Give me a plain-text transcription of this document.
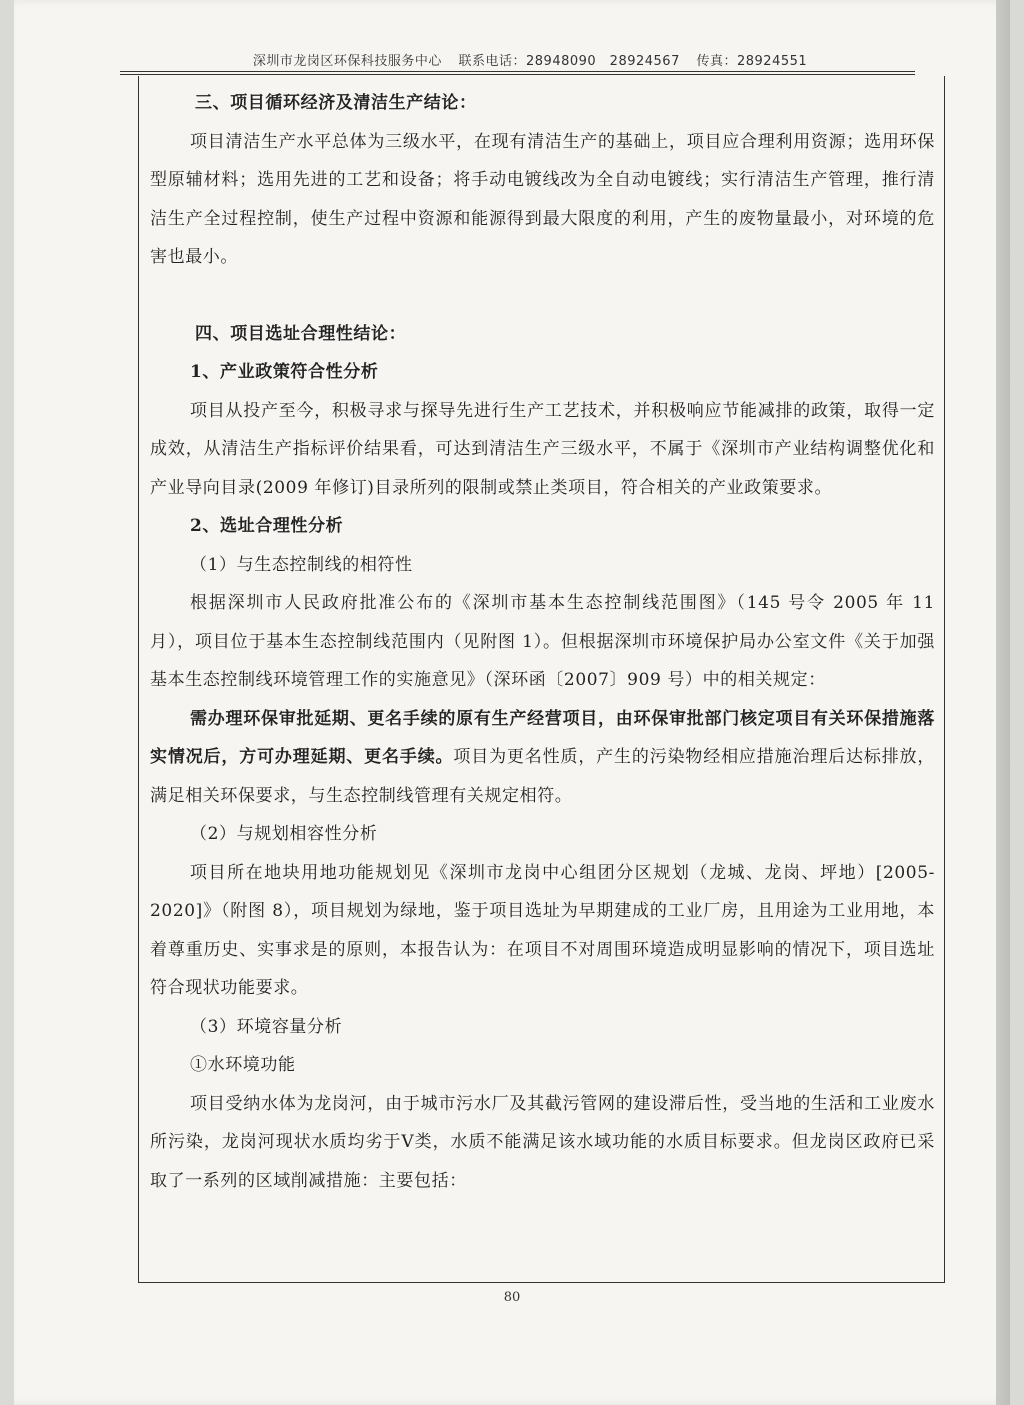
深圳市龙岗区环保科技服务中心 联系电话：28948090　28924567 传真：28924551
三、项目循环经济及清洁生产结论：

项目清洁生产水平总体为三级水平，在现有清洁生产的基础上，项目应合理利用资源；选用环保型原辅材料；选用先进的工艺和设备；将手动电镀线改为全自动电镀线；实行清洁生产管理，推行清洁生产全过程控制，使生产过程中资源和能源得到最大限度的利用，产生的废物量最小，对环境的危害也最小。

四、项目选址合理性结论：
1、产业政策符合性分析

项目从投产至今，积极寻求与探导先进行生产工艺技术，并积极响应节能减排的政策，取得一定成效，从清洁生产指标评价结果看，可达到清洁生产三级水平，不属于《深圳市产业结构调整优化和产业导向目录(2009 年修订)目录所列的限制或禁止类项目，符合相关的产业政策要求。

2、选址合理性分析
（1）与生态控制线的相符性

根据深圳市人民政府批准公布的《深圳市基本生态控制线范围图》（145 号令 2005 年 11 月），项目位于基本生态控制线范围内（见附图 1）。但根据深圳市环境保护局办公室文件《关于加强基本生态控制线环境管理工作的实施意见》（深环函〔2007〕909 号）中的相关规定：

需办理环保审批延期、更名手续的原有生产经营项目，由环保审批部门核定项目有关环保措施落实情况后，方可办理延期、更名手续。项目为更名性质，产生的污染物经相应措施治理后达标排放，满足相关环保要求，与生态控制线管理有关规定相符。

（2）与规划相容性分析

项目所在地块用地功能规划见《深圳市龙岗中心组团分区规划（龙城、龙岗、坪地）[2005-2020]》（附图 8），项目规划为绿地，鉴于项目选址为早期建成的工业厂房，且用途为工业用地，本着尊重历史、实事求是的原则，本报告认为：在项目不对周围环境造成明显影响的情况下，项目选址符合现状功能要求。

（3）环境容量分析
①水环境功能

项目受纳水体为龙岗河，由于城市污水厂及其截污管网的建设滞后性，受当地的生活和工业废水所污染，龙岗河现状水质均劣于Ⅴ类，水质不能满足该水域功能的水质目标要求。但龙岗区政府已采取了一系列的区域削减措施：主要包括：

80
